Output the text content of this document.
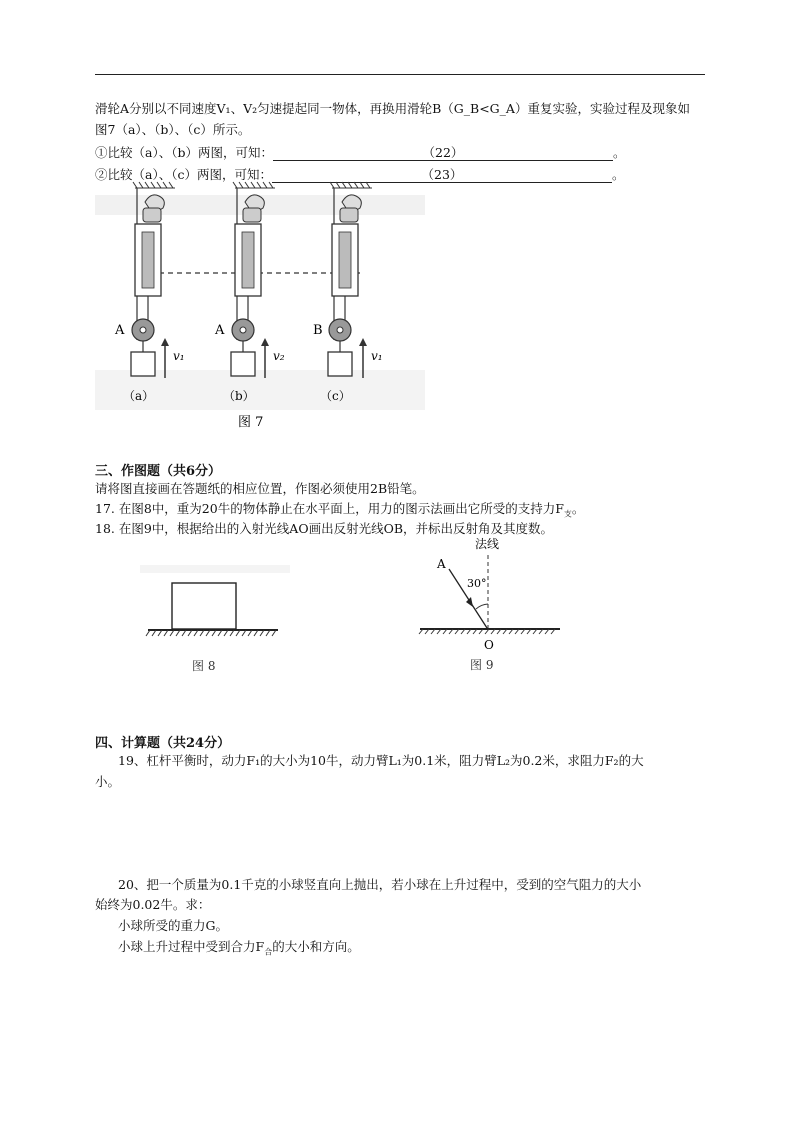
滑轮A分别以不同速度V₁、V₂匀速提起同一物体，再换用滑轮B（G_B<G_A）重复实验，实验过程及现象如
图7（a）、（b）、（c）所示。
①比较（a）、（b）两图，可知：	（22）	。
②比较（a）、（c）两图，可知：	（23）	。
A
v₁
（a）
A
v₂
（b）
B
v₁
（c）
图 7
三、作图题（共6分）
请将图直接画在答题纸的相应位置，作图必须使用2B铅笔。
17. 在图8中，重为20牛的物体静止在水平面上，用力的图示法画出它所受的支持力$F_支$。
18. 在图9中，根据给出的入射光线AO画出反射光线OB，并标出反射角及其度数。
图 8
法线
A
30°
O
图 9
四、计算题（共24分）
19、杠杆平衡时，动力F₁的大小为10牛，动力臂L₁为0.1米，阻力臂L₂为0.2米，求阻力F₂的大
小。
20、把一个质量为0.1千克的小球竖直向上抛出，若小球在上升过程中，受到的空气阻力的大小
始终为0.02牛。求：
小球所受的重力G。
小球上升过程中受到合力$F_合$的大小和方向。
